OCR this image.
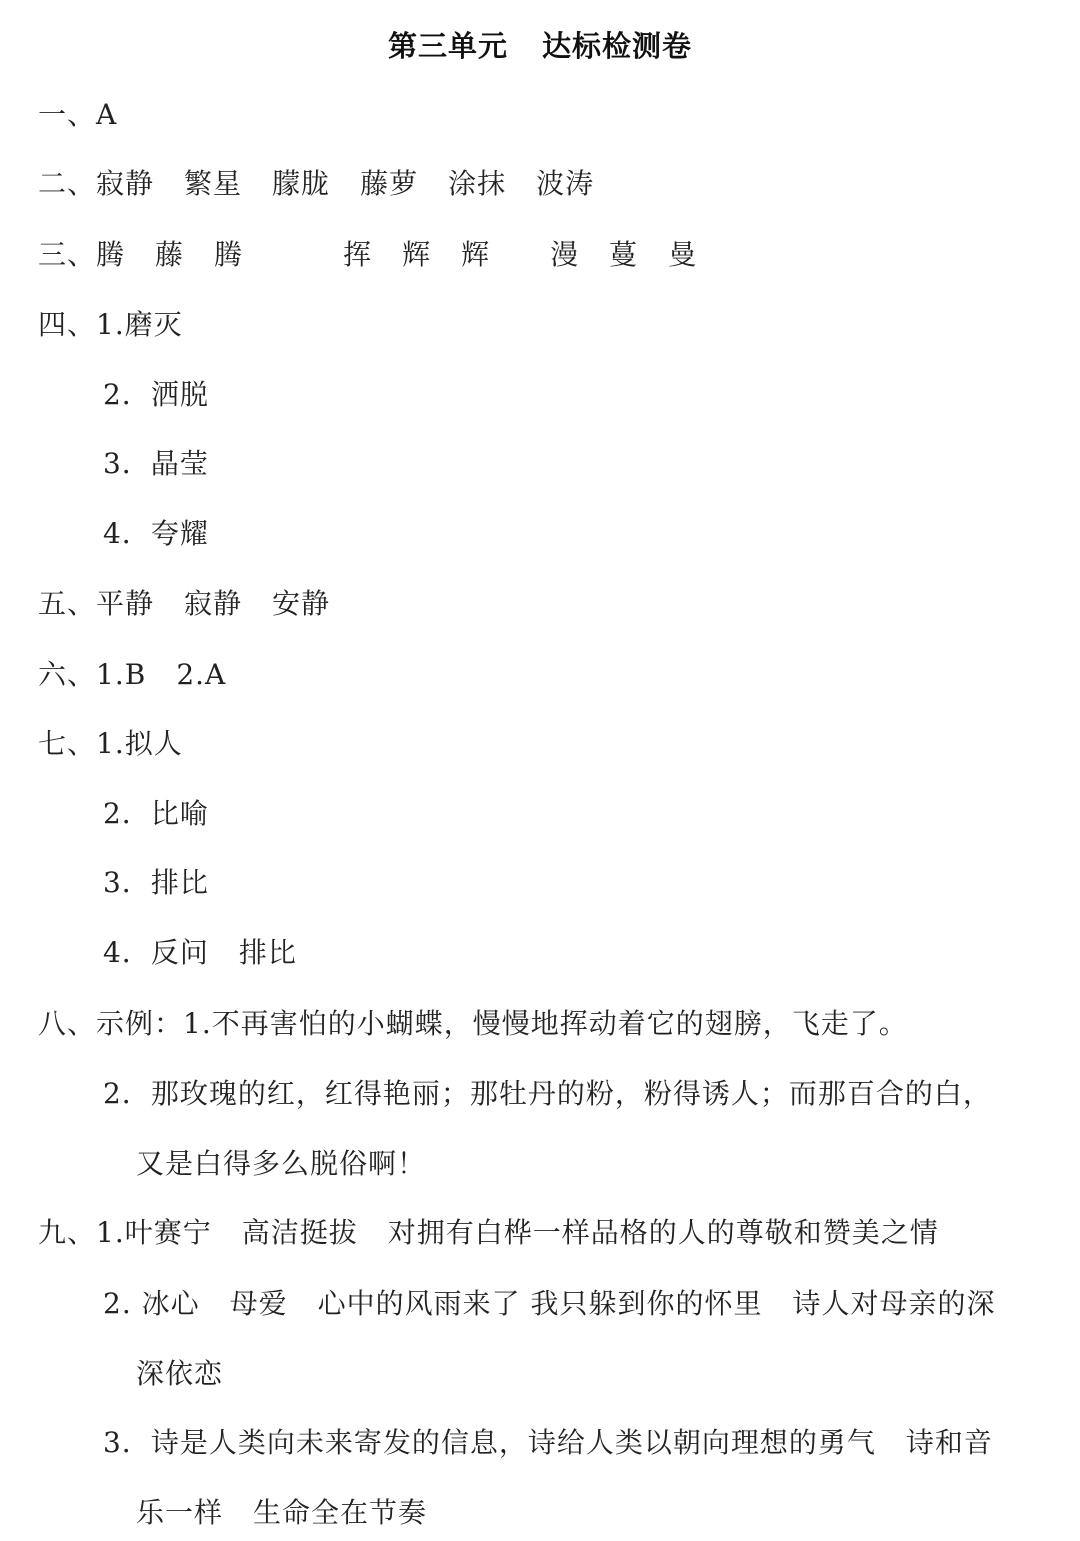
第三单元 达标检测卷
一、A
二、寂静 繁星 朦胧 藤萝 涂抹 波涛
三、腾 藤 腾	挥 辉 辉 漫 蔓 曼
四、1.磨灭
2．洒脱
3．晶莹
4．夸耀
五、平静 寂静 安静
六、1.B 2.A
七、1.拟人
2．比喻
3．排比
4．反问 排比
八、示例：1.不再害怕的小蝴蝶，慢慢地挥动着它的翅膀，飞走了。
2．那玫瑰的红，红得艳丽；那牡丹的粉，粉得诱人；而那百合的白，
又是白得多么脱俗啊！
九、1.叶赛宁 高洁挺拔 对拥有白桦一样品格的人的尊敬和赞美之情
2. 冰心 母爱 心中的风雨来了 我只躲到你的怀里 诗人对母亲的深
深依恋
3．诗是人类向未来寄发的信息，诗给人类以朝向理想的勇气 诗和音
乐一样 生命全在节奏
